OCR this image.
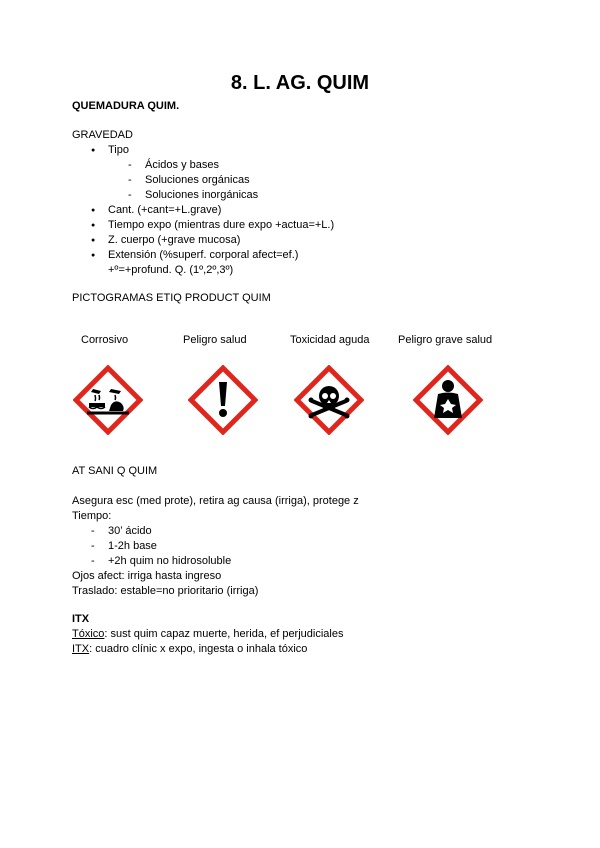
8. L. AG. QUIM
QUEMADURA QUIM.
GRAVEDAD
● Tipo
- Ácidos y bases
- Soluciones orgánicas
- Soluciones inorgánicas
● Cant. (+cant=+L.grave)
● Tiempo expo (mientras dure expo +actua=+L.)
● Z. cuerpo (+grave mucosa)
● Extensión (%superf. corporal afect=ef.)
+º=+profund. Q. (1º,2º,3º)
PICTOGRAMAS ETIQ PRODUCT QUIM
Corrosivo	Peligro salud	Toxicidad aguda	Peligro grave salud
AT SANI Q QUIM
Asegura esc (med prote), retira ag causa (irriga), protege z
Tiempo:
- 30’ ácido
- 1-2h base
- +2h quim no hidrosoluble
Ojos afect: irriga hasta ingreso
Traslado: estable=no prioritario (irriga)
ITX
Tóxico: sust quim capaz muerte, herida, ef perjudiciales
ITX: cuadro clínic x expo, ingesta o inhala tóxico
